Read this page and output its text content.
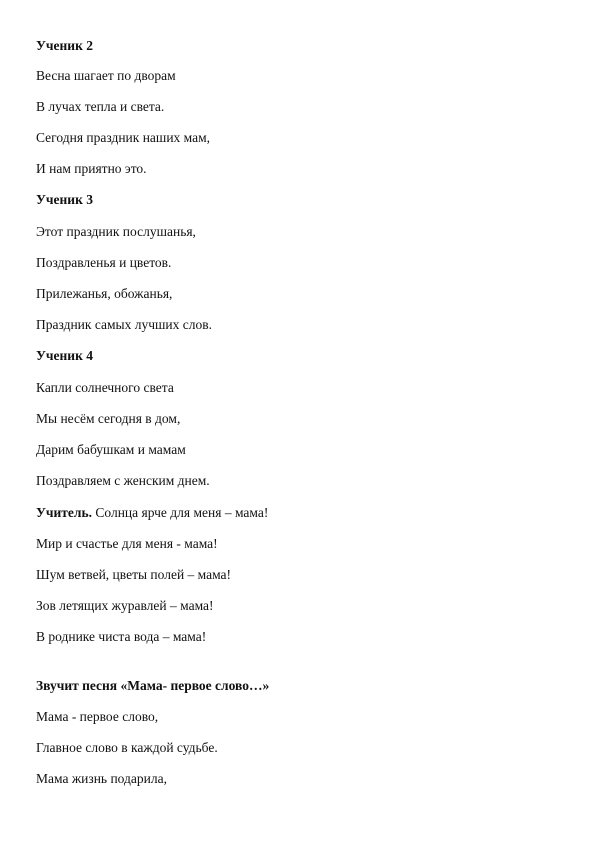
Ученик 2
Весна шагает по дворам
В лучах тепла и света.
Сегодня праздник наших мам,
И нам приятно это.
Ученик 3
Этот праздник послушанья,
Поздравленья и цветов.
Прилежанья, обожанья,
Праздник самых лучших слов.
Ученик 4
Капли солнечного света
Мы несём сегодня в дом,
Дарим бабушкам и мамам
Поздравляем с женским днем.
Учитель. Солнца ярче для меня – мама!
Мир и счастье для меня - мама!
Шум ветвей, цветы полей – мама!
Зов летящих журавлей – мама!
В роднике чиста вода – мама!
Звучит песня «Мама- первое слово…»
Мама - первое слово,
Главное слово в каждой судьбе.
Мама жизнь подарила,
